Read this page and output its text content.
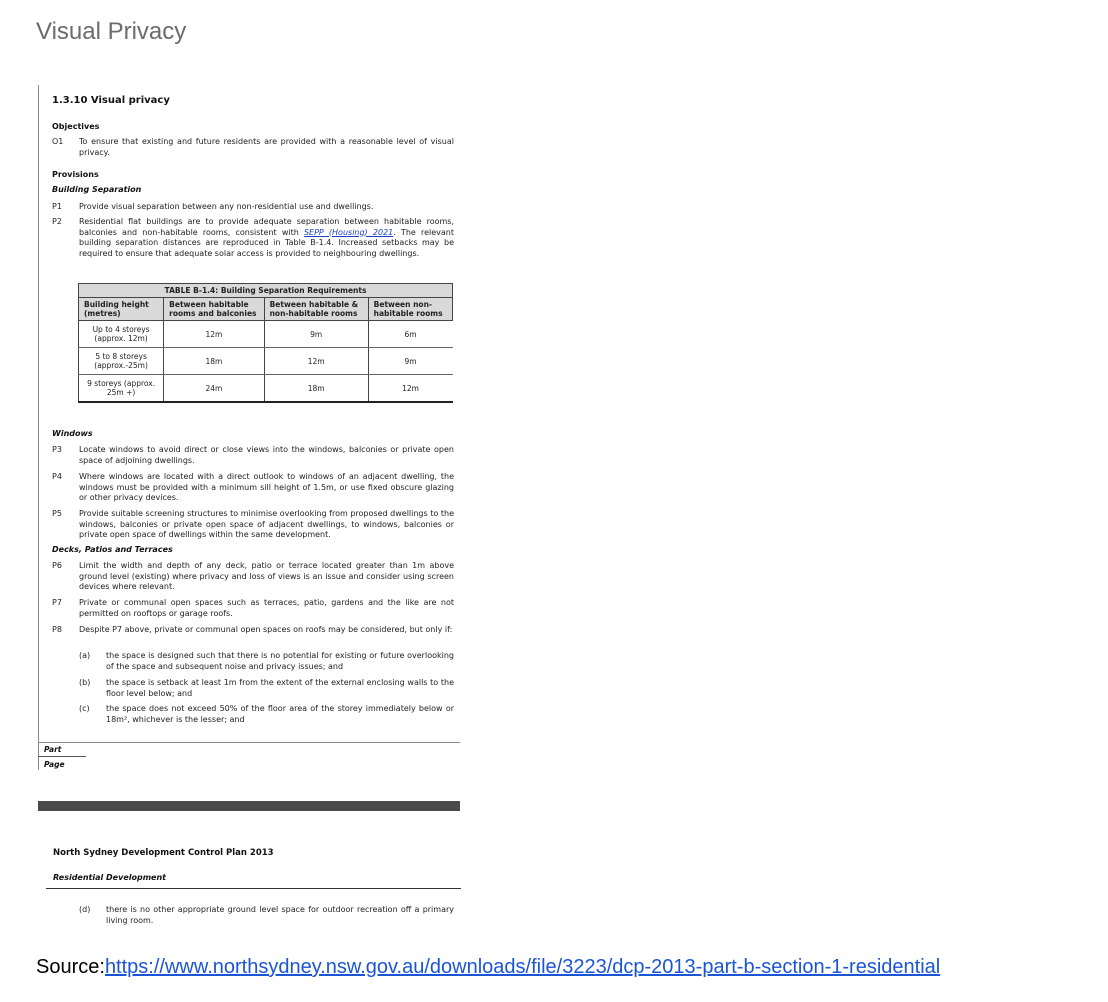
Visual Privacy
1.3.10 Visual privacy
Objectives
O1 To ensure that existing and future residents are provided with a reasonable level of visual privacy.
Provisions
Building Separation
P1 Provide visual separation between any non-residential use and dwellings.
P2 Residential flat buildings are to provide adequate separation between habitable rooms, balconies and non-habitable rooms, consistent with SEPP (Housing) 2021. The relevant building separation distances are reproduced in Table B-1.4. Increased setbacks may be required to ensure that adequate solar access is provided to neighbouring dwellings.
TABLE B-1.4: Building Separation Requirements			
Building height (metres)	Between habitable rooms and balconies	Between habitable & non-habitable rooms	Between non-habitable rooms
Up to 4 storeys (approx. 12m)	12m	9m	6m
5 to 8 storeys (approx.-25m)	18m	12m	9m
9 storeys (approx. 25m +)	24m	18m	12m
Windows
P3 Locate windows to avoid direct or close views into the windows, balconies or private open space of adjoining dwellings.
P4 Where windows are located with a direct outlook to windows of an adjacent dwelling, the windows must be provided with a minimum sill height of 1.5m, or use fixed obscure glazing or other privacy devices.
P5 Provide suitable screening structures to minimise overlooking from proposed dwellings to the windows, balconies or private open space of adjacent dwellings, to windows, balconies or private open space of dwellings within the same development.
Decks, Patios and Terraces
P6 Limit the width and depth of any deck, patio or terrace located greater than 1m above ground level (existing) where privacy and loss of views is an issue and consider using screen devices where relevant.
P7 Private or communal open spaces such as terraces, patio, gardens and the like are not permitted on rooftops or garage roofs.
P8 Despite P7 above, private or communal open spaces on roofs may be considered, but only if:
(a) the space is designed such that there is no potential for existing or future overlooking of the space and subsequent noise and privacy issues; and
(b) the space is setback at least 1m from the extent of the external enclosing walls to the floor level below; and
(c) the space does not exceed 50% of the floor area of the storey immediately below or 18m², whichever is the lesser; and
Part
Page
North Sydney Development Control Plan 2013
Residential Development
(d) there is no other appropriate ground level space for outdoor recreation off a primary living room.
Source:https://www.northsydney.nsw.gov.au/downloads/file/3223/dcp-2013-part-b-section-1-residential
